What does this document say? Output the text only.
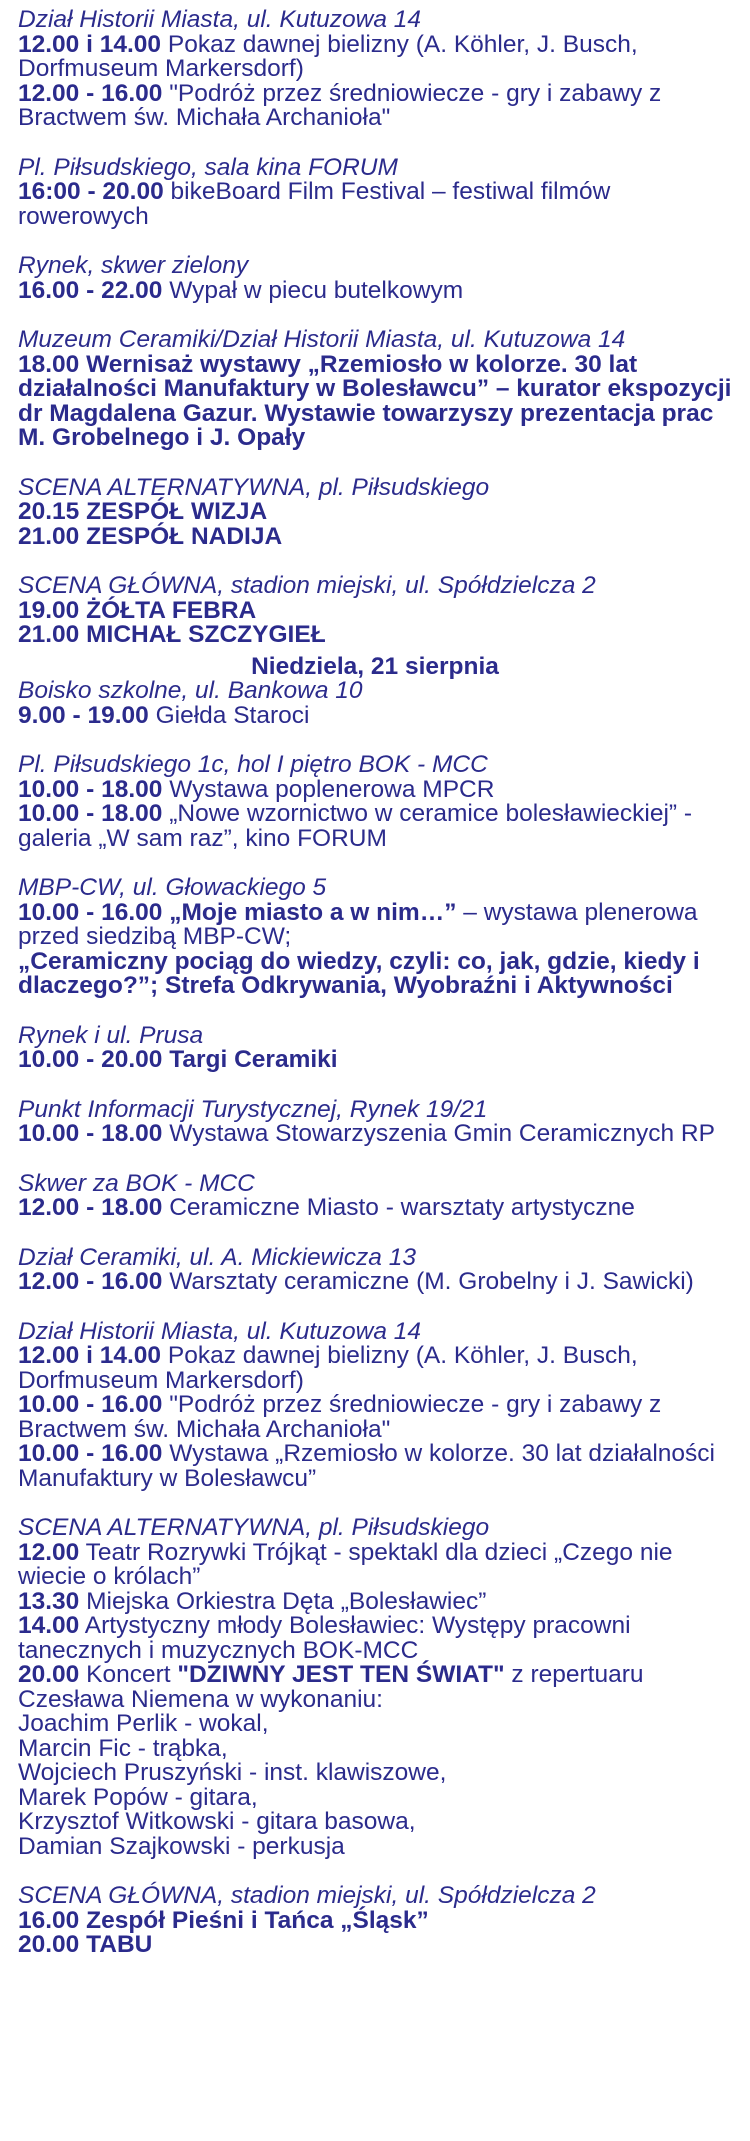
Dział Historii Miasta, ul. Kutuzowa 14
12.00 i 14.00 Pokaz dawnej bielizny (A. Köhler, J. Busch, Dorfmuseum Markersdorf)
12.00 - 16.00 "Podróż przez średniowiecze - gry i zabawy z Bractwem św. Michała Archanioła"
Pl. Piłsudskiego, sala kina FORUM
16:00 - 20.00 bikeBoard Film Festival – festiwal filmów rowerowych
Rynek, skwer zielony
16.00 - 22.00 Wypał w piecu butelkowym
Muzeum Ceramiki/Dział Historii Miasta, ul. Kutuzowa 14
18.00 Wernisaż wystawy „Rzemiosło w kolorze. 30 lat działalności Manufaktury w Bolesławcu” – kurator ekspozycji dr Magdalena Gazur. Wystawie towarzyszy prezentacja prac M. Grobelnego i J. Opały
SCENA ALTERNATYWNA, pl. Piłsudskiego
20.15 ZESPÓŁ WIZJA
21.00 ZESPÓŁ NADIJA
SCENA GŁÓWNA, stadion miejski, ul. Spółdzielcza 2
19.00 ŻÓŁTA FEBRA
21.00 MICHAŁ SZCZYGIEŁ
Niedziela, 21 sierpnia
Boisko szkolne, ul. Bankowa 10
9.00 - 19.00 Giełda Staroci
Pl. Piłsudskiego 1c, hol I piętro BOK - MCC
10.00 - 18.00 Wystawa poplenerowa MPCR
10.00 - 18.00 „Nowe wzornictwo w ceramice bolesławieckiej” - galeria „W sam raz”, kino FORUM
MBP-CW, ul. Głowackiego 5
10.00 - 16.00 „Moje miasto a w nim…” – wystawa plenerowa przed siedzibą MBP-CW;
„Ceramiczny pociąg do wiedzy, czyli: co, jak, gdzie, kiedy i dlaczego?”; Strefa Odkrywania, Wyobraźni i Aktywności
Rynek i ul. Prusa
10.00 - 20.00 Targi Ceramiki
Punkt Informacji Turystycznej, Rynek 19/21
10.00 - 18.00 Wystawa Stowarzyszenia Gmin Ceramicznych RP
Skwer za BOK - MCC
12.00 - 18.00 Ceramiczne Miasto - warsztaty artystyczne
Dział Ceramiki, ul. A. Mickiewicza 13
12.00 - 16.00 Warsztaty ceramiczne (M. Grobelny i J. Sawicki)
Dział Historii Miasta, ul. Kutuzowa 14
12.00 i 14.00 Pokaz dawnej bielizny (A. Köhler, J. Busch, Dorfmuseum Markersdorf)
10.00 - 16.00 "Podróż przez średniowiecze - gry i zabawy z Bractwem św. Michała Archanioła"
10.00 - 16.00 Wystawa „Rzemiosło w kolorze. 30 lat działalności Manufaktury w Bolesławcu”
SCENA ALTERNATYWNA, pl. Piłsudskiego
12.00 Teatr Rozrywki Trójkąt - spektakl dla dzieci „Czego nie wiecie o królach”
13.30 Miejska Orkiestra Dęta „Bolesławiec”
14.00 Artystyczny młody Bolesławiec: Występy pracowni tanecznych i muzycznych BOK-MCC
20.00 Koncert "DZIWNY JEST TEN ŚWIAT" z repertuaru Czesława Niemena w wykonaniu:
Joachim Perlik - wokal,
Marcin Fic - trąbka,
Wojciech Pruszyński - inst. klawiszowe,
Marek Popów - gitara,
Krzysztof Witkowski - gitara basowa,
Damian Szajkowski - perkusja
SCENA GŁÓWNA, stadion miejski, ul. Spółdzielcza 2
16.00 Zespół Pieśni i Tańca „Śląsk”
20.00 TABU
